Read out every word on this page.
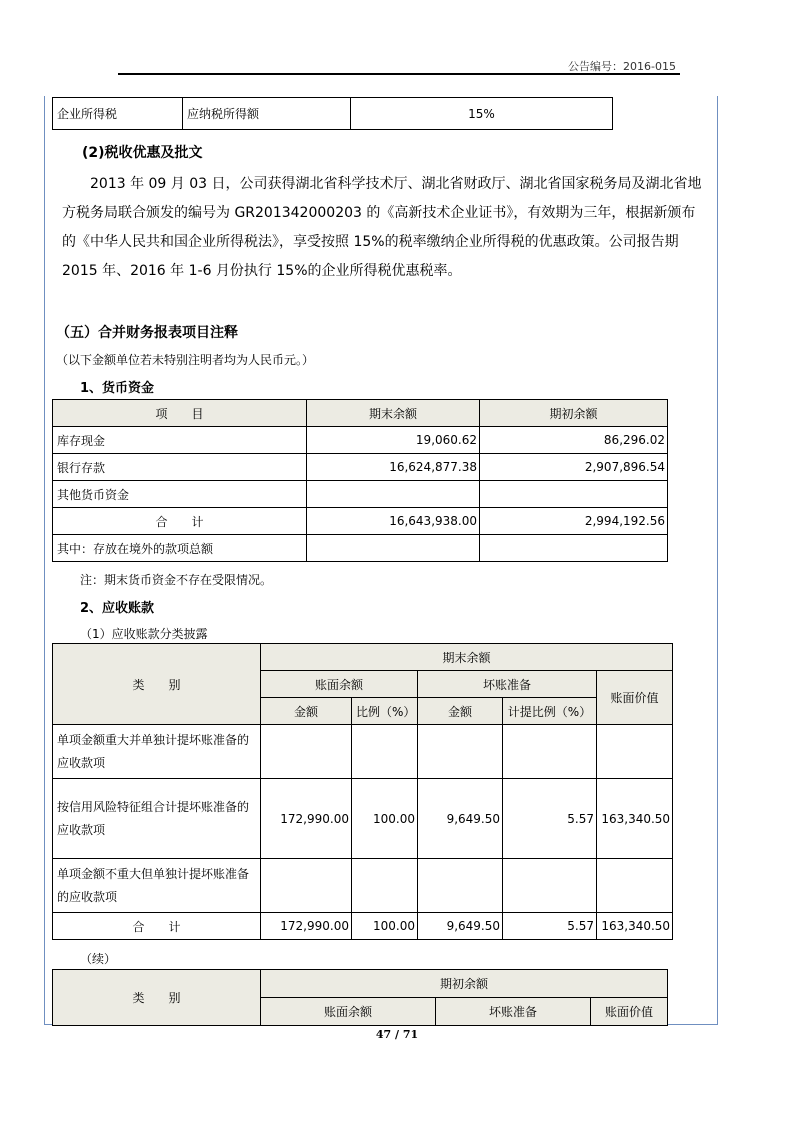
公告编号：2016-015
企业所得税	应纳税所得额	15%
(2)税收优惠及批文
2013 年 09 月 03 日，公司获得湖北省科学技术厅、湖北省财政厅、湖北省国家税务局及湖北省地方税务局联合颁发的编号为 GR201342000203 的《高新技术企业证书》，有效期为三年，根据新颁布的《中华人民共和国企业所得税法》，享受按照 15%的税率缴纳企业所得税的优惠政策。公司报告期 2015 年、2016 年 1-6 月份执行 15%的企业所得税优惠税率。
（五）合并财务报表项目注释
（以下金额单位若未特别注明者均为人民币元。）
1、货币资金
项　　目	期末余额	期初余额
库存现金	19,060.62	86,296.02
银行存款	16,624,877.38	2,907,896.54
其他货币资金		
合　　计	16,643,938.00	2,994,192.56
其中：存放在境外的款项总额		
注：期末货币资金不存在受限情况。
2、应收账款
（1）应收账款分类披露
类　　别	期末余额				
	账面余额		坏账准备		账面价值
	金额	比例（%）	金额	计提比例（%）	
单项金额重大并单独计提坏账准备的应收款项					
按信用风险特征组合计提坏账准备的应收款项	172,990.00	100.00	9,649.50	5.57	163,340.50
单项金额不重大但单独计提坏账准备的应收款项					
合　　计	172,990.00	100.00	9,649.50	5.57	163,340.50
（续）
类　　别	期初余额		
	账面余额	坏账准备	账面价值
47 / 71
